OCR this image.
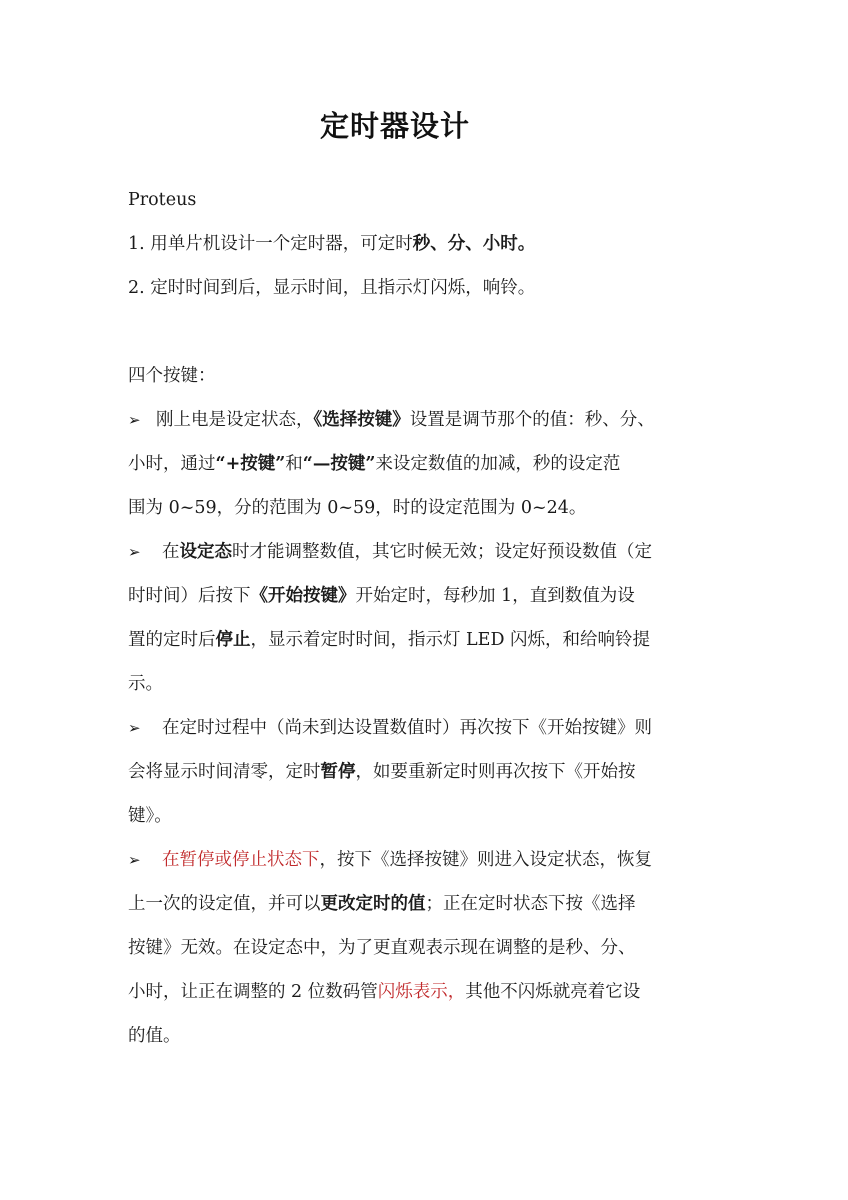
定时器设计
Proteus
1. 用单片机设计一个定时器，可定时秒、分、小时。
2. 定时时间到后，显示时间，且指示灯闪烁，响铃。
四个按键：
➢ 刚上电是设定状态，《选择按键》设置是调节那个的值：秒、分、
小时，通过“+按键”和“—按键”来设定数值的加减，秒的设定范
围为 0~59，分的范围为 0~59，时的设定范围为 0~24。
➢ 在设定态时才能调整数值，其它时候无效；设定好预设数值（定
时时间）后按下《开始按键》开始定时，每秒加 1，直到数值为设
置的定时后停止，显示着定时时间，指示灯 LED 闪烁，和给响铃提
示。
➢ 在定时过程中（尚未到达设置数值时）再次按下《开始按键》则
会将显示时间清零，定时暂停，如要重新定时则再次按下《开始按
键》。
➢ 在暂停或停止状态下，按下《选择按键》则进入设定状态，恢复
上一次的设定值，并可以更改定时的值；正在定时状态下按《选择
按键》无效。在设定态中，为了更直观表示现在调整的是秒、分、
小时，让正在调整的 2 位数码管闪烁表示，其他不闪烁就亮着它设
的值。
